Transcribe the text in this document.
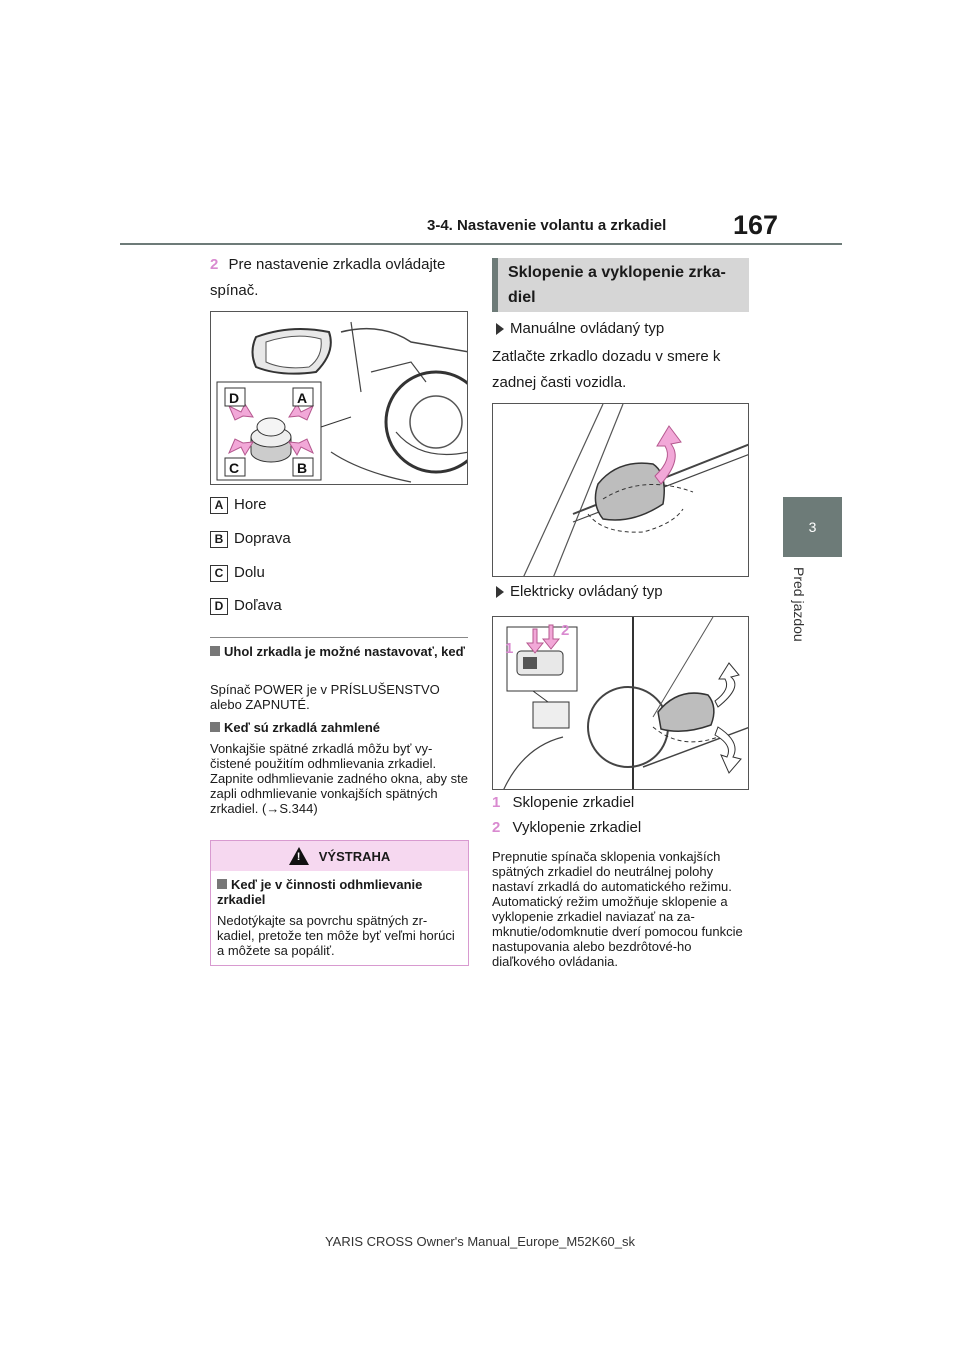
3-4. Nastavenie volantu a zrkadiel 167
3
Pred jazdou
2 Pre nastavenie zrkadla ovládajte spínač.
D	A
C	B
A Hore
B Doprava
C Dolu
D Doľava
Uhol zrkadla je možné nastavovať, keď
Spínač POWER je v PRÍSLUŠENSTVO alebo ZAPNUTÉ.
Keď sú zrkadlá zahmlené
Vonkajšie spätné zrkadlá môžu byť vy-čistené použitím odhmlievania zrkadiel. Zapnite odhmlievanie zadného okna, aby ste zapli odhmlievanie vonkajších spätných zrkadiel. (→S.344)
! VÝSTRAHA
Keď je v činnosti odhmlievanie zrkadiel
Nedotýkajte sa povrchu spätných zr-kadiel, pretože ten môže byť veľmi horúci a môžete sa popáliť.
Sklopenie a vyklopenie zrka-diel
Manuálne ovládaný typ
Zatlačte zrkadlo dozadu v smere k zadnej časti vozidla.
Elektricky ovládaný typ
1
2
1 Sklopenie zrkadiel
2 Vyklopenie zrkadiel
Prepnutie spínača sklopenia vonkajších spätných zrkadiel do neutrálnej polohy nastaví zrkadlá do automatického režimu. Automatický režim umožňuje sklopenie a vyklopenie zrkadiel naviazať na za-mknutie/odomknutie dverí pomocou funkcie nastupovania alebo bezdrôtové-ho diaľkového ovládania.
YARIS CROSS Owner's Manual_Europe_M52K60_sk
